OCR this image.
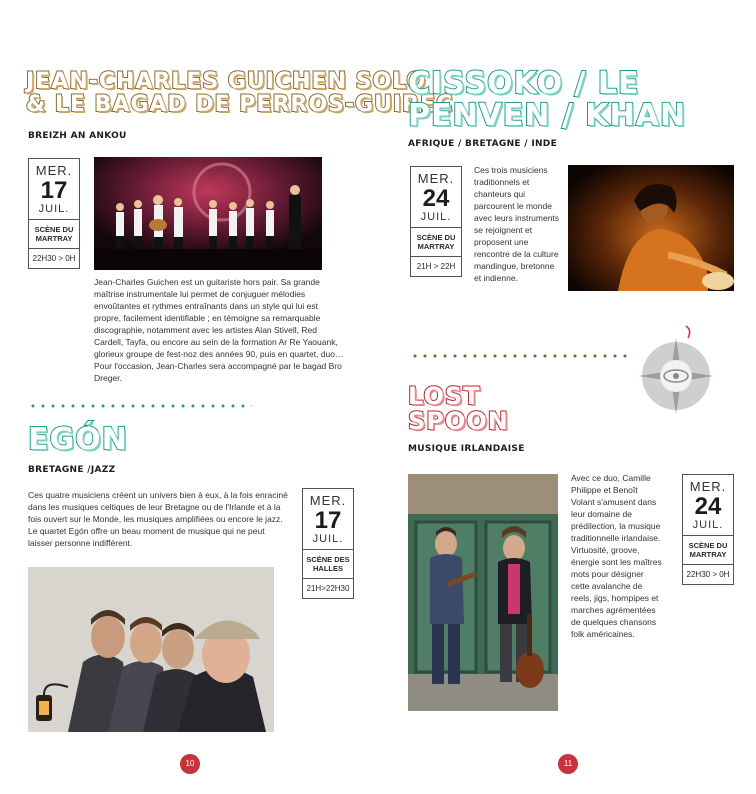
JEAN-CHARLES GUICHEN SOLO
& LE BAGAD DE PERROS-GUIREC
BREIZH AN ANKOU
MER.
17
JUIL.
SCÈNE DU MARTRAY
22H30 > 0H

Jean-Charles Guichen est un guitariste hors pair. Sa grande maîtrise instrumentale lui permet de conjuguer mélodies envoûtantes et rythmes entraînants dans un style qui lui est propre, facilement identifiable ; en témoigne sa remarquable discographie, notamment avec les artistes Alan Stivell, Red Cardell, Tayfa, ou encore au sein de la formation Ar Re Yaouank, glorieux groupe de fest-noz des années 90, puis en quartet, duo… Pour l'occasion, Jean-Charles sera accompagné par le bagad Bro Dreger.

EGÓN
BRETAGNE /JAZZ

Ces quatre musiciens créent un univers bien à eux, à la fois enraciné dans les musiques celtiques de leur Bretagne ou de l'Irlande et à la fois ouvert sur le Monde, les musiques amplifiées ou encore le jazz. Le quartet Egón offre un beau moment de musique qui ne peut laisser personne indifférent.

MER.
17
JUIL.
SCÈNE DES HALLES
21H>22H30
10
CISSOKO / LE
PENVEN / KHAN
AFRIQUE / BRETAGNE / INDE
MER.
24
JUIL.
SCÈNE DU MARTRAY
21H > 22H

Ces trois musiciens traditionnels et chanteurs qui parcourent le monde avec leurs instruments se rejoignent et proposent une rencontre de la culture mandingue, bretonne et indienne.

LOST
SPOON
MUSIQUE IRLANDAISE

Avec ce duo, Camille Philippe et Benoît Volant s'amusent dans leur domaine de prédilection, la musique traditionnelle irlandaise. Virtuosité, groove, énergie sont les maîtres mots pour désigner cette avalanche de reels, jigs, hornpipes et marches agrémentées de quelques chansons folk américaines.

MER.
24
JUIL.
SCÈNE DU MARTRAY
22H30 > 0H
11
